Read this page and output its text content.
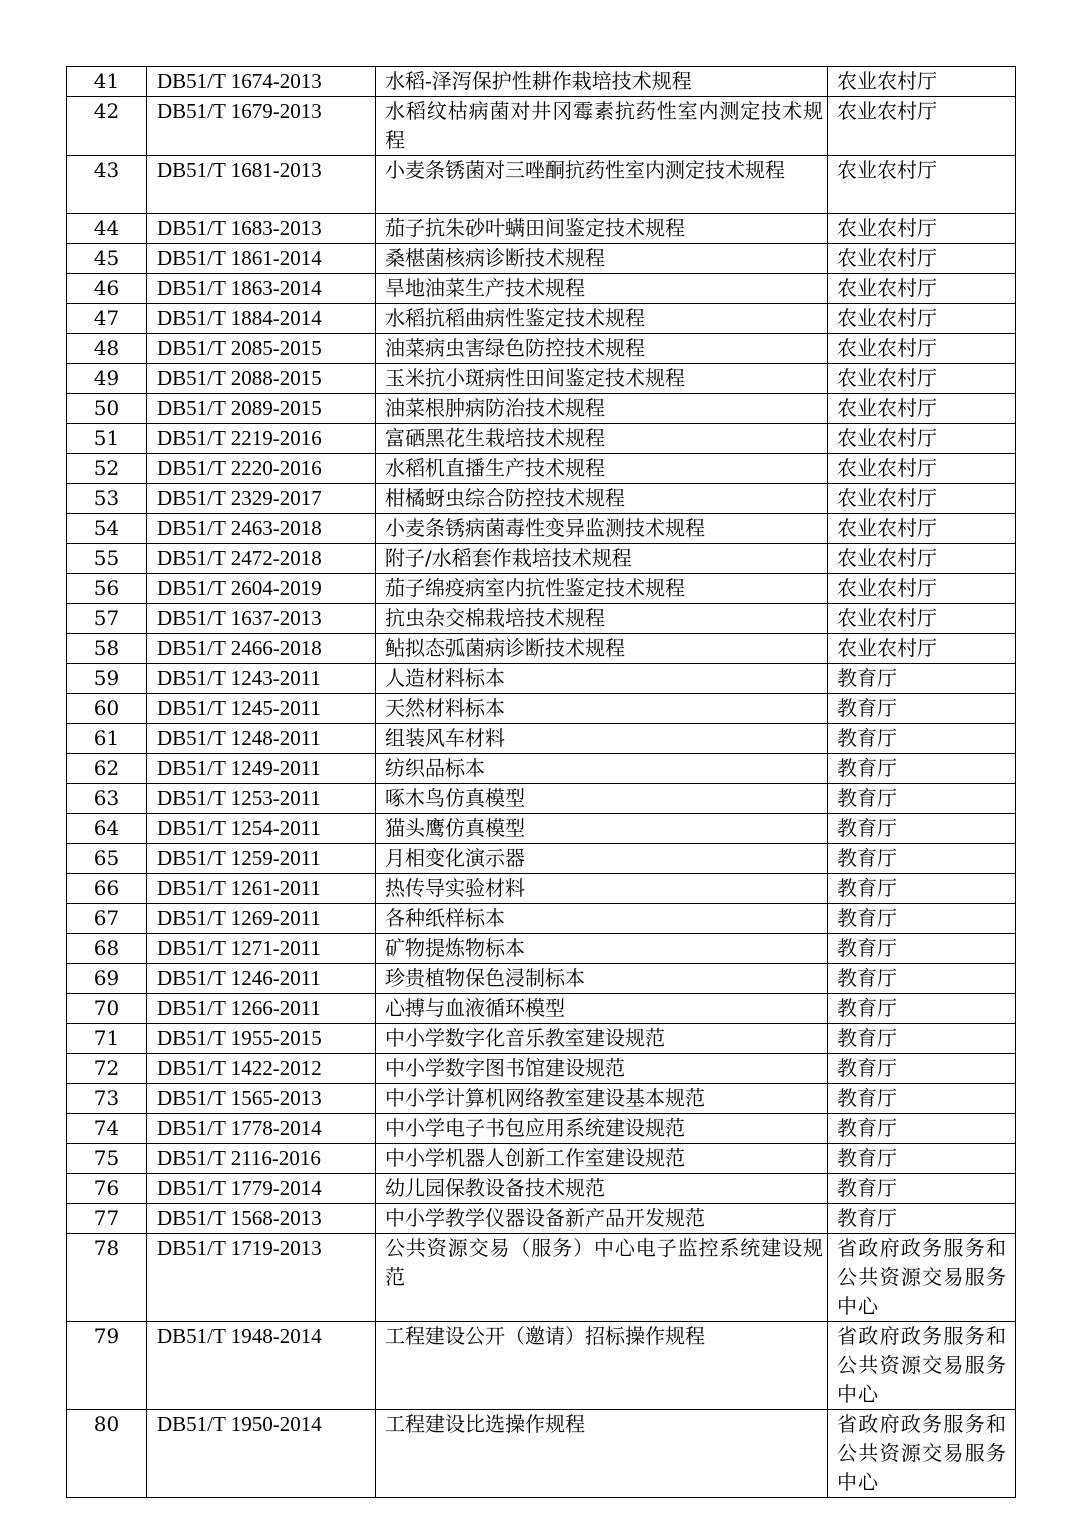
41	DB51/T 1674-2013	水稻-泽泻保护性耕作栽培技术规程	农业农村厅
42	DB51/T 1679-2013	水稻纹枯病菌对井冈霉素抗药性室内测定技术规程	农业农村厅
43	DB51/T 1681-2013	小麦条锈菌对三唑酮抗药性室内测定技术规程	农业农村厅
44	DB51/T 1683-2013	茄子抗朱砂叶螨田间鉴定技术规程	农业农村厅
45	DB51/T 1861-2014	桑椹菌核病诊断技术规程	农业农村厅
46	DB51/T 1863-2014	旱地油菜生产技术规程	农业农村厅
47	DB51/T 1884-2014	水稻抗稻曲病性鉴定技术规程	农业农村厅
48	DB51/T 2085-2015	油菜病虫害绿色防控技术规程	农业农村厅
49	DB51/T 2088-2015	玉米抗小斑病性田间鉴定技术规程	农业农村厅
50	DB51/T 2089-2015	油菜根肿病防治技术规程	农业农村厅
51	DB51/T 2219-2016	富硒黑花生栽培技术规程	农业农村厅
52	DB51/T 2220-2016	水稻机直播生产技术规程	农业农村厅
53	DB51/T 2329-2017	柑橘蚜虫综合防控技术规程	农业农村厅
54	DB51/T 2463-2018	小麦条锈病菌毒性变异监测技术规程	农业农村厅
55	DB51/T 2472-2018	附子/水稻套作栽培技术规程	农业农村厅
56	DB51/T 2604-2019	茄子绵疫病室内抗性鉴定技术规程	农业农村厅
57	DB51/T 1637-2013	抗虫杂交棉栽培技术规程	农业农村厅
58	DB51/T 2466-2018	鲇拟态弧菌病诊断技术规程	农业农村厅
59	DB51/T 1243-2011	人造材料标本	教育厅
60	DB51/T 1245-2011	天然材料标本	教育厅
61	DB51/T 1248-2011	组装风车材料	教育厅
62	DB51/T 1249-2011	纺织品标本	教育厅
63	DB51/T 1253-2011	啄木鸟仿真模型	教育厅
64	DB51/T 1254-2011	猫头鹰仿真模型	教育厅
65	DB51/T 1259-2011	月相变化演示器	教育厅
66	DB51/T 1261-2011	热传导实验材料	教育厅
67	DB51/T 1269-2011	各种纸样标本	教育厅
68	DB51/T 1271-2011	矿物提炼物标本	教育厅
69	DB51/T 1246-2011	珍贵植物保色浸制标本	教育厅
70	DB51/T 1266-2011	心搏与血液循环模型	教育厅
71	DB51/T 1955-2015	中小学数字化音乐教室建设规范	教育厅
72	DB51/T 1422-2012	中小学数字图书馆建设规范	教育厅
73	DB51/T 1565-2013	中小学计算机网络教室建设基本规范	教育厅
74	DB51/T 1778-2014	中小学电子书包应用系统建设规范	教育厅
75	DB51/T 2116-2016	中小学机器人创新工作室建设规范	教育厅
76	DB51/T 1779-2014	幼儿园保教设备技术规范	教育厅
77	DB51/T 1568-2013	中小学教学仪器设备新产品开发规范	教育厅
78	DB51/T 1719-2013	公共资源交易（服务）中心电子监控系统建设规范	省政府政务服务和公共资源交易服务中心
79	DB51/T 1948-2014	工程建设公开（邀请）招标操作规程	省政府政务服务和公共资源交易服务中心
80	DB51/T 1950-2014	工程建设比选操作规程	省政府政务服务和公共资源交易服务中心
